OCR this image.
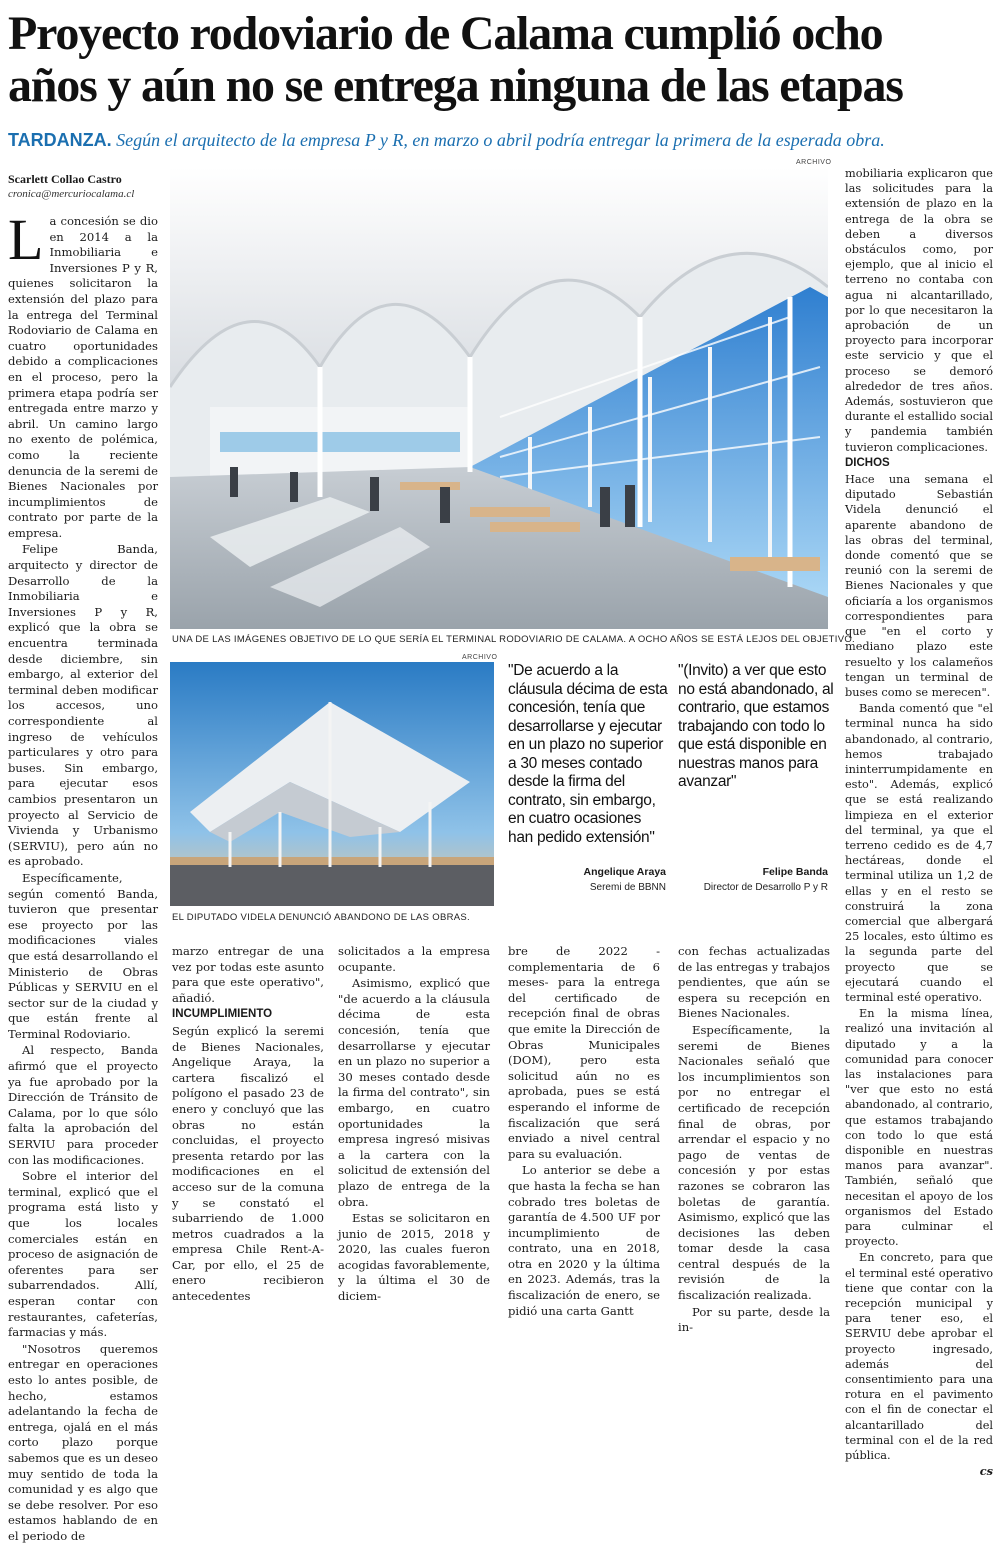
Proyecto rodoviario de Calama cumplió ocho
años y aún no se entrega ninguna de las etapas
TARDANZA. Según el arquitecto de la empresa P y R, en marzo o abril podría entregar la primera de la esperada obra.
Scarlett Collao Castro
cronica@mercuriocalama.cl

La concesión se dio en 2014 a la Inmobiliaria e Inversiones P y R, quienes solicitaron la extensión del plazo para la entrega del Terminal Rodoviario de Calama en cuatro oportunidades debido a complicaciones en el proceso, pero la primera etapa podría ser entregada entre marzo y abril. Un camino largo no exento de polémica, como la reciente denuncia de la seremi de Bienes Nacionales por incumplimientos de contrato por parte de la empresa.

Felipe Banda, arquitecto y director de Desarrollo de la Inmobiliaria e Inversiones P y R, explicó que la obra se encuentra terminada desde diciembre, sin embargo, al exterior del terminal deben modificar los accesos, uno correspondiente al ingreso de vehículos particulares y otro para buses. Sin embargo, para ejecutar esos cambios presentaron un proyecto al Servicio de Vivienda y Urbanismo (SERVIU), pero aún no es aprobado.

Específicamente, según comentó Banda, tuvieron que presentar ese proyecto por las modificaciones viales que está desarrollando el Ministerio de Obras Públicas y SERVIU en el sector sur de la ciudad y que están frente al Terminal Rodoviario.

Al respecto, Banda afirmó que el proyecto ya fue aprobado por la Dirección de Tránsito de Calama, por lo que sólo falta la aprobación del SERVIU para proceder con las modificaciones.

Sobre el interior del terminal, explicó que el programa está listo y que los locales comerciales están en proceso de asignación de oferentes para ser subarrendados. Allí, esperan contar con restaurantes, cafeterías, farmacias y más.

"Nosotros queremos entregar en operaciones esto lo antes posible, de hecho, estamos adelantando la fecha de entrega, ojalá en el más corto plazo porque sabemos que es un deseo muy sentido de toda la comunidad y es algo que se debe resolver. Por eso estamos hablando de en el periodo de

ARCHIVO
UNA DE LAS IMÁGENES OBJETIVO DE LO QUE SERÍA EL TERMINAL RODOVIARIO DE CALAMA. A OCHO AÑOS SE ESTÁ LEJOS DEL OBJETIVO.
ARCHIVO
EL DIPUTADO VIDELA DENUNCIÓ ABANDONO DE LAS OBRAS.
"De acuerdo a la cláusula décima de esta concesión, tenía que desarrollarse y ejecutar en un plazo no superior a 30 meses contado desde la firma del contrato, sin embargo, en cuatro ocasiones han pedido extensión"
Angelique Araya
Seremi de BBNN
"(Invito) a ver que esto no está abandonado, al contrario, que estamos trabajando con todo lo que está disponible en nuestras manos para avanzar"
Felipe Banda
Director de Desarrollo P y R

marzo entregar de una vez por todas este asunto para que este operativo", añadió.

INCUMPLIMIENTO

Según explicó la seremi de Bienes Nacionales, Angelique Araya, la cartera fiscalizó el polígono el pasado 23 de enero y concluyó que las obras no están concluidas, el proyecto presenta retardo por las modificaciones en el acceso sur de la comuna y se constató el subarriendo de 1.000 metros cuadrados a la empresa Chile Rent-A-Car, por ello, el 25 de enero recibieron antecedentes

solicitados a la empresa ocupante.

Asimismo, explicó que "de acuerdo a la cláusula décima de esta concesión, tenía que desarrollarse y ejecutar en un plazo no superior a 30 meses contado desde la firma del contrato", sin embargo, en cuatro oportunidades la empresa ingresó misivas a la cartera con la solicitud de extensión del plazo de entrega de la obra.

Estas se solicitaron en junio de 2015, 2018 y 2020, las cuales fueron acogidas favorablemente, y la última el 30 de diciem-

bre de 2022 -complementaria de 6 meses- para la entrega del certificado de recepción final de obras que emite la Dirección de Obras Municipales (DOM), pero esta solicitud aún no es aprobada, pues se está esperando el informe de fiscalización que será enviado a nivel central para su evaluación.

Lo anterior se debe a que hasta la fecha se han cobrado tres boletas de garantía de 4.500 UF por incumplimiento de contrato, una en 2018, otra en 2020 y la última en 2023. Además, tras la fiscalización de enero, se pidió una carta Gantt

con fechas actualizadas de las entregas y trabajos pendientes, que aún se espera su recepción en Bienes Nacionales.

Específicamente, la seremi de Bienes Nacionales señaló que los incumplimientos son por no entregar el certificado de recepción final de obras, por arrendar el espacio y no pago de ventas de concesión y por estas razones se cobraron las boletas de garantía. Asimismo, explicó que las decisiones las deben tomar desde la casa central después de la revisión de la fiscalización realizada.

Por su parte, desde la in-

mobiliaria explicaron que las solicitudes para la extensión de plazo en la entrega de la obra se deben a diversos obstáculos como, por ejemplo, que al inicio el terreno no contaba con agua ni alcantarillado, por lo que necesitaron la aprobación de un proyecto para incorporar este servicio y que el proceso se demoró alrededor de tres años. Además, sostuvieron que durante el estallido social y pandemia también tuvieron complicaciones.

DICHOS

Hace una semana el diputado Sebastián Videla denunció el aparente abandono de las obras del terminal, donde comentó que se reunió con la seremi de Bienes Nacionales y que oficiaría a los organismos correspondientes para que "en el corto y mediano plazo este resuelto y los calameños tengan un terminal de buses como se merecen".

Banda comentó que "el terminal nunca ha sido abandonado, al contrario, hemos trabajado ininterrumpidamente en esto". Además, explicó que se está realizando limpieza en el exterior del terminal, ya que el terreno cedido es de 4,7 hectáreas, donde el terminal utiliza un 1,2 de ellas y en el resto se construirá la zona comercial que albergará 25 locales, esto último es la segunda parte del proyecto que se ejecutará cuando el terminal esté operativo.

En la misma línea, realizó una invitación al diputado y a la comunidad para conocer las instalaciones para "ver que esto no está abandonado, al contrario, que estamos trabajando con todo lo que está disponible en nuestras manos para avanzar". También, señaló que necesitan el apoyo de los organismos del Estado para culminar el proyecto.

En concreto, para que el terminal esté operativo tiene que contar con la recepción municipal y para tener eso, el SERVIU debe aprobar el proyecto ingresado, además del consentimiento para una rotura en el pavimento con el fin de conectar el alcantarillado del terminal con el de la red pública.

cs
